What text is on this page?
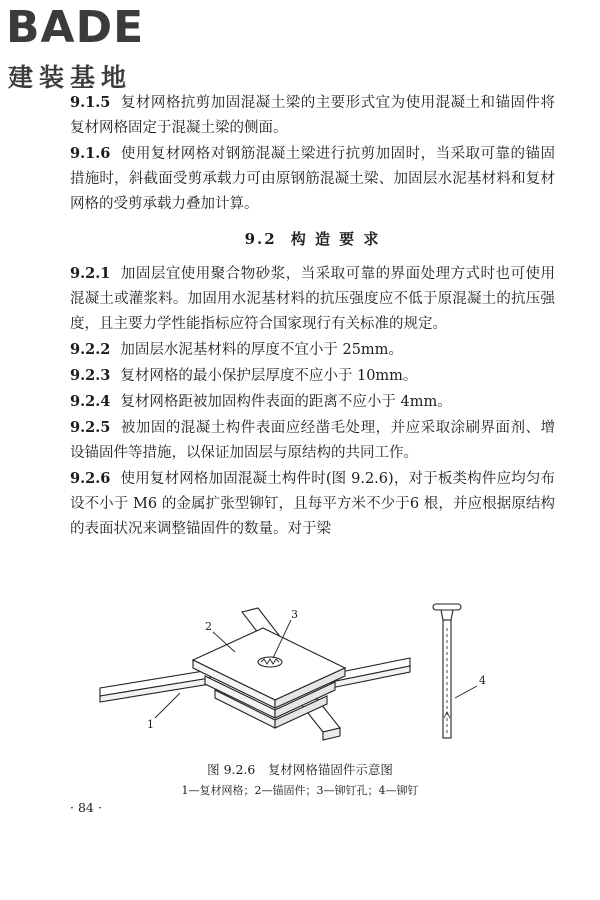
BADE
建装基地

9.1.5 复材网格抗剪加固混凝土梁的主要形式宜为使用混凝土和锚固件将复材网格固定于混凝土梁的侧面。

9.1.6 使用复材网格对钢筋混凝土梁进行抗剪加固时，当采取可靠的锚固措施时，斜截面受剪承载力可由原钢筋混凝土梁、加固层水泥基材料和复材网格的受剪承载力叠加计算。

9.2 构 造 要 求

9.2.1 加固层宜使用聚合物砂浆，当采取可靠的界面处理方式时也可使用混凝土或灌浆料。加固用水泥基材料的抗压强度应不低于原混凝土的抗压强度，且主要力学性能指标应符合国家现行有关标准的规定。

9.2.2 加固层水泥基材料的厚度不宜小于 25mm。

9.2.3 复材网格的最小保护层厚度不应小于 10mm。

9.2.4 复材网格距被加固构件表面的距离不应小于 4mm。

9.2.5 被加固的混凝土构件表面应经凿毛处理，并应采取涂刷界面剂、增设锚固件等措施，以保证加固层与原结构的共同工作。

9.2.6 使用复材网格加固混凝土构件时(图 9.2.6)，对于板类构件应均匀布设不小于 M6 的金属扩张型铆钉，且每平方米不少于6 根，并应根据原结构的表面状况来调整锚固件的数量。对于梁

2
3
1
4
图 9.2.6　复材网格锚固件示意图
1—复材网格；2—锚固件；3—铆钉孔；4—铆钉
· 84 ·
